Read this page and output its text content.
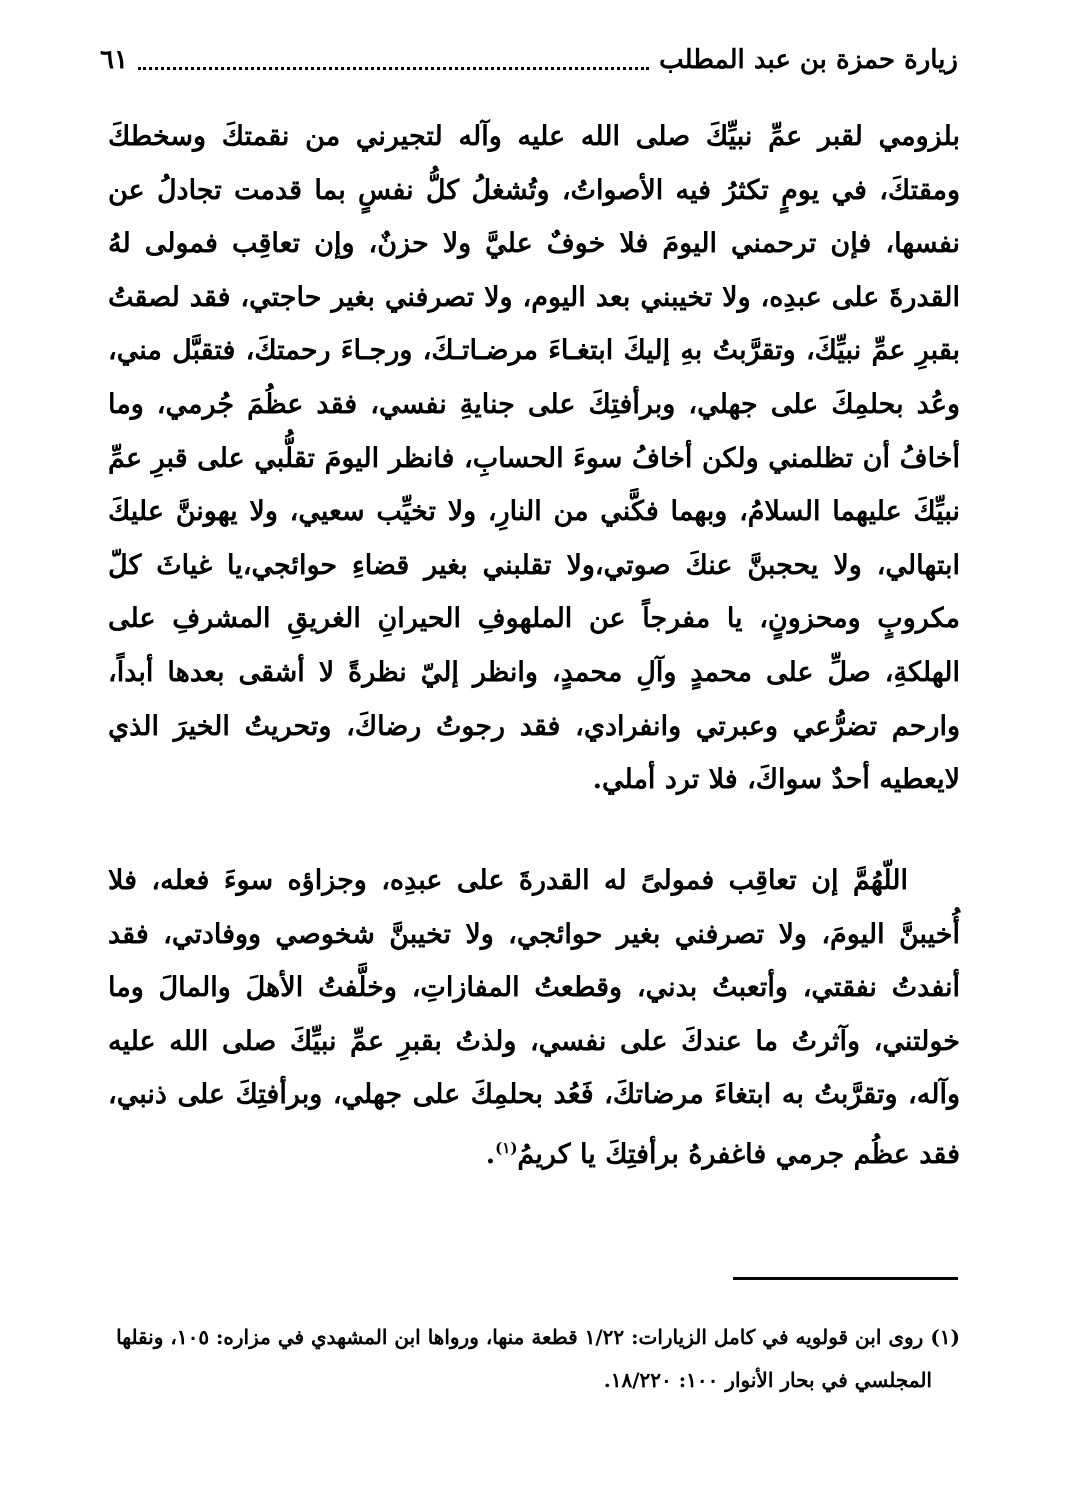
زيارة حمزة بن عبد المطلب
٦١

بلزومي لقبر عمِّ نبيِّكَ صلى الله عليه وآله لتجيرني من نقمتكَ وسخطكَ ومقتكَ، في يومٍ تكثرُ فيه الأصواتُ، وتُشغلُ كلُّ نفسٍ بما قدمت تجادلُ عن نفسها، فإن ترحمني اليومَ فلا خوفٌ عليَّ ولا حزنٌ، وإن تعاقِب فمولى لهُ القدرةَ على عبدِه، ولا تخيبني بعد اليوم، ولا تصرفني بغير حاجتي، فقد لصقتُ بقبرِ عمِّ نبيِّكَ، وتقرَّبتُ بهِ إليكَ ابتغـاءَ مرضـاتـكَ، ورجـاءَ رحمتكَ، فتقبَّل مني، وعُد بحلمِكَ على جهلي، وبرأفتِكَ على جنايةِ نفسي، فقد عظُمَ جُرمي، وما أخافُ أن تظلمني ولكن أخافُ سوءَ الحسابِ، فانظر اليومَ تقلُّبي على قبرِ عمِّ نبيِّكَ عليهما السلامُ، وبهما فكَّني من النارِ، ولا تخيِّب سعيي، ولا يهوننَّ عليكَ ابتهالي، ولا يحجبنَّ عنكَ صوتي،ولا تقلبني بغير قضاءِ حوائجي،يا غياثَ كلّ مكروبٍ ومحزونٍ، يا مفرجاً عن الملهوفِ الحيرانِ الغريقِ المشرفِ على الهلكةِ، صلِّ على محمدٍ وآلِ محمدٍ، وانظر إليّ نظرةً لا أشقى بعدها أبداً، وارحم تضرُّعي وعبرتي وانفرادي، فقد رجوتُ رضاكَ، وتحريتُ الخيرَ الذي لايعطيه أحدٌ سواكَ، فلا ترد أملي.

اللّهُمَّ إن تعاقِب فمولىً له القدرةَ على عبدِه، وجزاؤه سوءَ فعله، فلا أُخيبنَّ اليومَ، ولا تصرفني بغير حوائجي، ولا تخيبنَّ شخوصي ووفادتي، فقد أنفدتُ نفقتي، وأتعبتُ بدني، وقطعتُ المفازاتِ، وخلَّفتُ الأهلَ والمالَ وما خولتني، وآثرتُ ما عندكَ على نفسي، ولذتُ بقبرِ عمِّ نبيِّكَ صلى الله عليه وآله، وتقرَّبتُ به ابتغاءَ مرضاتكَ، فَعُد بحلمِكَ على جهلي، وبرأفتِكَ على ذنبي، فقد عظُم جرمي فاغفرهُ برأفتِكَ يا كريمُ$^{(١)}$.

(١) روى ابن قولويه في كامل الزيارات: ١/٢٢ قطعة منها، ورواها ابن المشهدي في مزاره: ١٠٥، ونقلها
المجلسي في بحار الأنوار ١٠٠: ١٨/٢٢٠.
